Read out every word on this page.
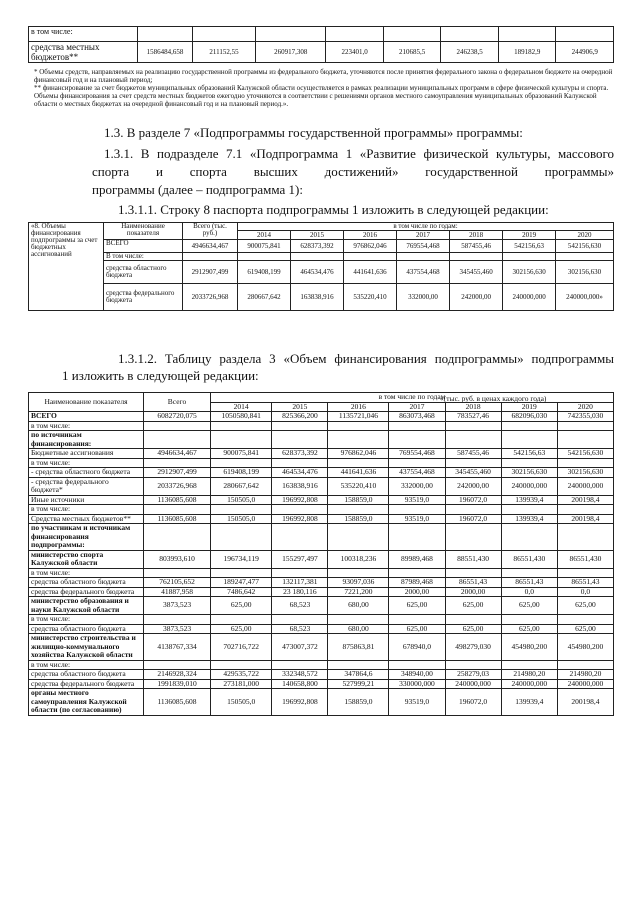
в том числе:								
средства местных бюджетов**	1586484,658	211152,55	260917,308	223401,0	210685,5	246238,5	189182,9	244906,9
* Объемы средств, направляемых на реализацию государственной программы из федерального бюджета, уточняются после принятия федерального закона о федеральном бюджете на очередной финансовый год и на плановый период;
** финансирование за счет бюджетов муниципальных образований Калужской области осуществляется в рамках реализации муниципальных программ в сфере физической культуры и спорта. Объемы финансирования за счет средств местных бюджетов ежегодно уточняются в соответствии с решениями органов местного самоуправления муниципальных образований Калужской области о местных бюджетах на очередной финансовый год и на плановый период.».
1.3. В разделе 7 «Подпрограммы государственной программы» программы:
1.3.1. В подразделе 7.1 «Подпрограмма 1 «Развитие физической культуры, массового
спорта и спорта высших достижений» государственной программы»
программы (далее – подпрограмма 1):
1.3.1.1. Строку 8 паспорта подпрограммы 1 изложить в следующей редакции:
«8. Объемы финансирования подпрограммы за счет бюджетных ассигнований	Наименование показателя	Всего (тыс. руб.)	в том числе по годам:						
			2014	2015	2016	2017	2018	2019	2020
	ВСЕГО	4946634,467	900075,841	628373,392	976862,046	769554,468	587455,46	542156,63	542156,630
	В том числе:								
	средства областного бюджета	2912907,499	619408,199	464534,476	441641,636	437554,468	345455,460	302156,630	302156,630
	средства федерального бюджета	2033726,968	280667,642	163838,916	535220,410	332000,00	242000,00	240000,000	240000,000»
1.3.1.2. Таблицу раздела 3 «Объем финансирования подпрограммы» подпрограммы
1 изложить в следующей редакции:
«(тыс. руб. в ценах каждого года)
Наименование показателя	Всего	в том числе по годам						
		2014	2015	2016	2017	2018	2019	2020
ВСЕГО	6082720,075	1050580,841	825366,200	1135721,046	863073,468	783527,46	682096,030	742355,030
в том числе:								
по источникам финансирования:								
Бюджетные ассигнования	4946634,467	900075,841	628373,392	976862,046	769554,468	587455,46	542156,63	542156,630
в том числе:								
- средства областного бюджета	2912907,499	619408,199	464534,476	441641,636	437554,468	345455,460	302156,630	302156,630
- средства федерального бюджета*	2033726,968	280667,642	163838,916	535220,410	332000,00	242000,00	240000,000	240000,000
Иные источники	1136085,608	150505,0	196992,808	158859,0	93519,0	196072,0	139939,4	200198,4
в том числе:								
Средства местных бюджетов**	1136085,608	150505,0	196992,808	158859,0	93519,0	196072,0	139939,4	200198,4
по участникам и источникам финансирования подпрограммы:								
министерство спорта Калужской области	803993,610	196734,119	155297,497	100318,236	89989,468	88551,430	86551,430	86551,430
в том числе:								
средства областного бюджета	762105,652	189247,477	132117,381	93097,036	87989,468	86551,43	86551,43	86551,43
средства федерального бюджета	41887,958	7486,642	23 180,116	7221,200	2000,00	2000,00	0,0	0,0
министерство образования и науки Калужской области	3873,523	625,00	68,523	680,00	625,00	625,00	625,00	625,00
в том числе:								
средства областного бюджета	3873,523	625,00	68,523	680,00	625,00	625,00	625,00	625,00
министерство строительства и жилищно-коммунального хозяйства Калужской области	4138767,334	702716,722	473007,372	875863,81	678940,0	498279,030	454980,200	454980,200
в том числе:								
средства областного бюджета	2146928,324	429535,722	332348,572	347864,6	348940,00	258279,03	214980,20	214980,20
средства федерального бюджета	1991839,010	273181,000	140658,800	527999,21	330000,000	240000,000	240000,000	240000,000
органы местного самоуправления Калужской области (по согласованию)	1136085,608	150505,0	196992,808	158859,0	93519,0	196072,0	139939,4	200198,4
